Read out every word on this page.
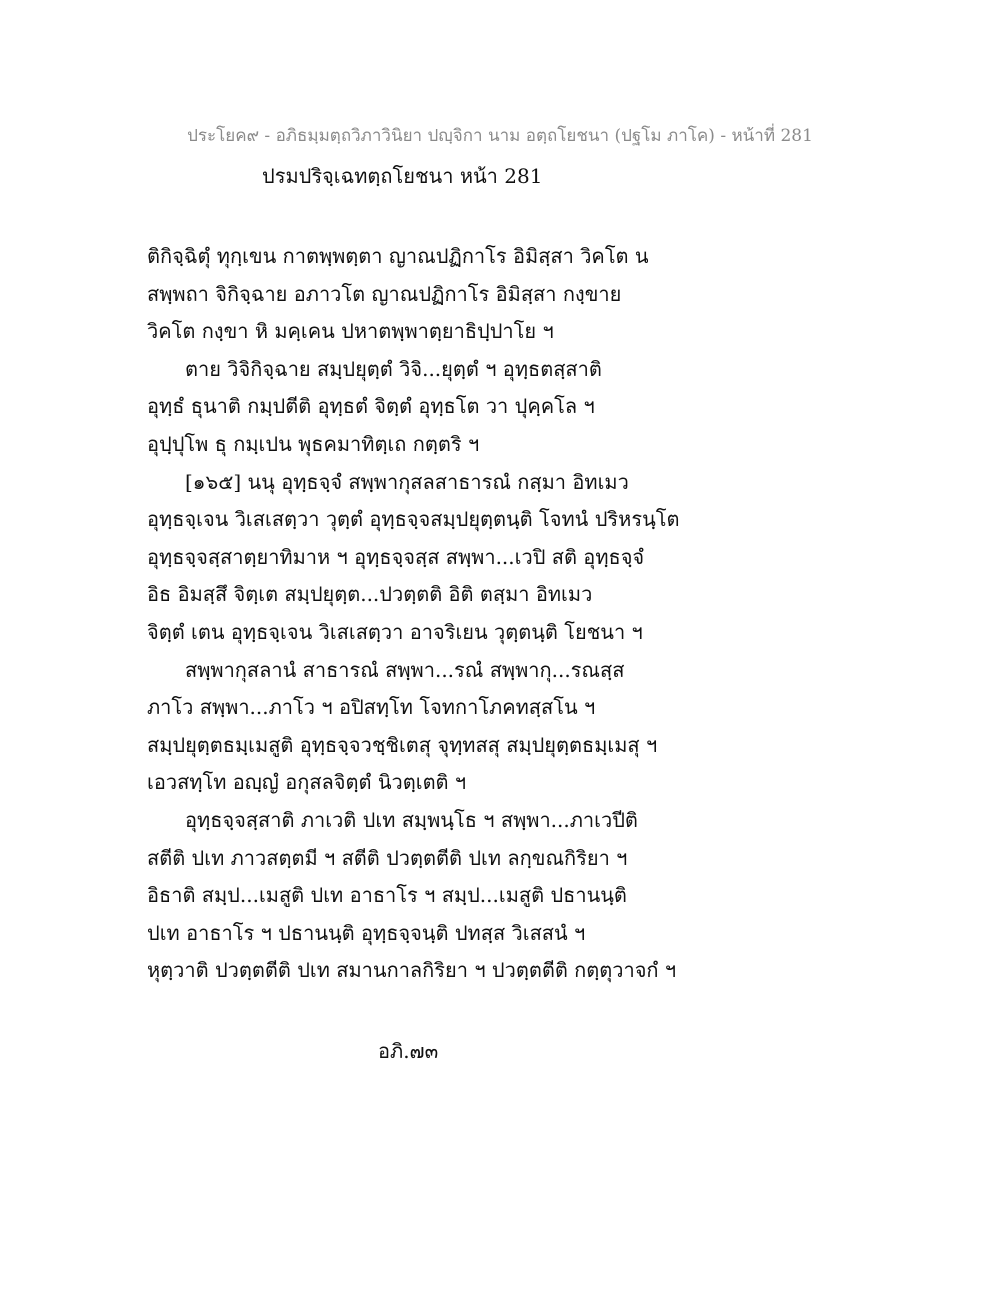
ประโยค๙ - อภิธมฺมตฺถวิภาวินิยา ปญฺจิกา นาม อตฺถโยชนา (ปฐโม ภาโค) - หน้าที่ 281
ปรมปริจฺเฉทตฺถโยชนา หน้า 281
ติกิจฺฉิตุํ ทุกฺเขน กาตพฺพตฺตา ญาณปฏิกาโร อิมิสฺสา วิคโต น
สพฺพถา จิกิจฺฉาย อภาวโต ญาณปฏิกาโร อิมิสฺสา กงฺขาย
วิคโต กงฺขา หิ มคฺเคน ปหาตพฺพาตฺยาธิปฺปาโย ฯ
ตาย วิจิกิจฺฉาย สมฺปยุตฺตํ วิจิ...ยุตฺตํ ฯ อุทฺธตสฺสาติ
อุทฺธํ ธุนาติ กมฺปตีติ อุทฺธตํ จิตฺตํ อุทฺธโต วา ปุคฺคโล ฯ
อุปฺปุโพ ธุ กมฺเปน พุธคมาทิตฺเถ กตฺตริ ฯ
[๑๖๕] นนุ อุทฺธจฺจํ สพฺพากุสลสาธารณํ กสฺมา อิทเมว
อุทฺธจฺเจน วิเสเสตฺวา วุตฺตํ อุทฺธจฺจสมฺปยุตฺตนฺติ โจทนํ ปริหรนฺโต
อุทฺธจฺจสฺสาตฺยาทิมาห ฯ อุทฺธจฺจสฺส สพฺพา...เวปิ สติ อุทฺธจฺจํ
อิธ อิมสฺสึ จิตฺเต สมฺปยุตฺต...ปวตฺตติ อิติ ตสฺมา อิทเมว
จิตฺตํ เตน อุทฺธจฺเจน วิเสเสตฺวา อาจริเยน วุตฺตนฺติ โยชนา ฯ
สพฺพากุสลานํ สาธารณํ สพฺพา...รณํ สพฺพากุ...รณสฺส
ภาโว สพฺพา...ภาโว ฯ อปิสทฺโท โจทกาโภคทสฺสโน ฯ
สมฺปยุตฺตธมฺเมสูติ อุทฺธจฺจวชฺชิเตสุ จุทฺทสสุ สมฺปยุตฺตธมฺเมสุ ฯ
เอวสทฺโท อญฺญํ อกุสลจิตฺตํ นิวตฺเตติ ฯ
อุทฺธจฺจสฺสาติ ภาเวติ ปเท สมฺพนฺโธ ฯ สพฺพา...ภาเวปีติ
สตีติ ปเท ภาวสตฺตมี ฯ สตีติ ปวตฺตตีติ ปเท ลกฺขณกิริยา ฯ
อิธาติ สมฺป...เมสูติ ปเท อาธาโร ฯ สมฺป...เมสูติ ปธานนฺติ
ปเท อาธาโร ฯ ปธานนฺติ อุทฺธจฺจนฺติ ปทสฺส วิเสสนํ ฯ
หุตฺวาติ ปวตฺตตีติ ปเท สมานกาลกิริยา ฯ ปวตฺตตีติ กตฺตุวาจกํ ฯ
อภิ.๗๓
